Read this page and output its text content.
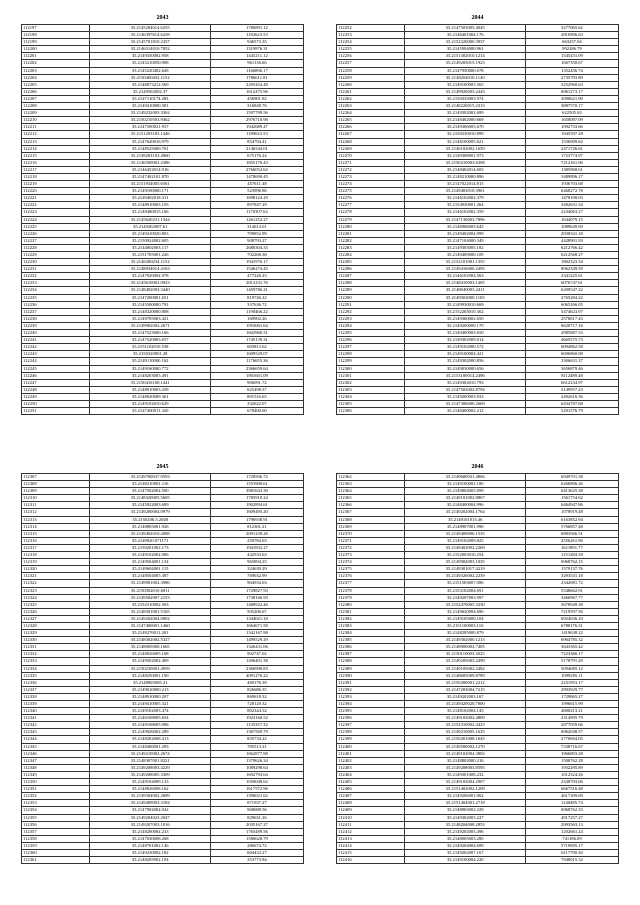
2043
112197	35.2145204014.6255	1786891.12
112198	35.2146397614.6258	1182623.53
112199	35.2145701810.2357	946573.35
112200	35.2146314010.7852	1319876.31
112201	35.2149350002.958	1445211.12
112202	35.2145210050.908	961136.66
112203	35.2145220402.628	1166896.17
112204	35.2150400452.1152	1786611.81
112205	35.2148073212.569	2295454.48
112206	35.2149502002.37	1612475.96
112207	35.2147110174.283	456901.82
112208	35.2149410000.581	316848.76
112209	35.2149232003.3362	1597799.56
112210	35.2150210503.9362	2976710.98
112211	35.2147500021.957	1942689.47
112212	35.2151203105.1446	1189023.53
112213	35.2147620016.979	854794.41
112214	35.2148525000.701	2146544.01
112215	35.2149203103.4960	675176.24
112216	35.2146500002.2386	1855176.43
112217	35.2146452014.916	2766052.62
112218	35.2147402101.870	1478690.45
112219	35.2151934005.6561	457611.48
112220	35.2149100000.171	523996.86
112221	35.2149402018.311	1698124.29
112222	35.2148910003.105	897847.29
112223	35.2148480015.166	1170307.62
112224	35.2145620231.1344	1261252.27
112225	35.2149202007.61	314614.01
112226	35.2149410020.803	799852.89
112227	35.2150924002.605	908793.27
112228	35.2144002003.117	2680304.33
112229	35.2151705001.226	702268.38
112230	35.2146300234.1152	1941976.17
112231	35.2148934014.4163	1546274.45
112232	35.2147920004.978	477226.23
112233	35.2145610002.0923	2812231.76
112234	35.2148402003.3440	1459786.21
112235	35.2147200001.651	819726.22
112236	35.2145500000.791	337636.72
112237	35.2148320000.808	1190466.22
112238	35.2149705003.421	169902.26
112239	35.2149902002.2671	1953061.64
112240	35.2147523000.166	1602960.31
112241	35.2147520003.657	1745139.31
112242	35.2151102010.538	603813.62
112243	35.2150320001.28	1609529.07
112244	35.2149110000.162	1176655.36
112245	35.2149160000.772	2366659.64
112246	35.2148203005.491	1801601.09
112247	35.2150416100.1441	906091.72
112248	35.2148910003.258	625498.37
112249	35.2148630009.361	801516.65
112250	35.2149102010.629	332622.07
112251	35.2147400011.320	678400.60
2044
112252	35.2147503005.4045	3277065.62
112253	35.2146401004.176	2810906.63
112254	35.2152320000.3937	663257.04
112255	35.2145904000.961	992286.79
112256	35.2151302010.1214	1545431.09
112257	35.2149205015.1923	1667358.67
112258	35.2147950000.678	1352456.74
112259	35.2148204010.1140	2735793.89
112260	35.2149100003.565	3252960.63
112261	35.2149920003.2443	6961273.17
112262	35.2150335003.974	3090621.90
112263	35.2148220015.2313	3887570.17
112264	35.2149302002.699	622505.63
112265	35.2148402000.669	1650087.09
112266	35.2149306005.670	1092733.66
112267	35.2150230010.899	1945597.28
112268	35.2148100005.621	1536909.62
112269	35.2146102002.1659	2471726.61
112270	35.2149308001.973	1723774.97
112271	35.2150210003.6308	7212161.06
112272	35.2148402014.603	1385968.61
112273	35.2148210000.896	5489896.17
112274	35.2147022014.815	1936703.68
112275	35.2149403010.3961	6468272.78
112276	35.2146102002.379	1478100.03
112277	35.2154930001.264	3482631.34
112278	35.2146102002.359	2234063.27
112279	35.2147130003.7896	1044079.15
112280	35.2146906003.643	1089649.69
112281	35.2149402004.999	2938341.18
112282	35.2147104000.349	4428901.93
112283	35.2149303005.182	6212766.42
112284	35.2149409000.109	6212568.27
112285	35.2152101001.1355	1862323.34
112286	35.2149416000.2495	8962339.59
112287	35.2146102004.563	2341225.61
112288	35.2148410003.1405	6076747.61
112289	35.2148040003.2411	6209547.22
112290	35.2149302000.1105	2765284.22
112291	35.2149930010.669	6065266.05
112292	35.2152203010.362	5474623.97
112293	35.2149360002.650	2578617.43
112294	35.2149200009.170	6620717.16
112295	35.2149400003.650	2985887.53
112296	35.2149302009.014	4665575.73
112297	35.2149102000.572	6094862.58
112298	35.2149100004.421	6696860.08
112299	35.2149302000.856	3306631.37
112300	35.2149030000.656	3656879.46
112301	35.2153100014.2496	8112489.48
112302	35.2149302010.793	6612234.97
112303	35.2147502002.8794	3149957.23
112304	35.2149200003.933	2492616.36
112305	35.2147306000.2669	6434787.68
112306	35.2148400002.212	5291576.79
2045
112307	35.2149700037.0593	1728506.72
112308	35.2148210001.116	1553900.61
112309	35.2147502004.500	3981643.30
112310	35.2148320005.5605	1785910.24
112311	35.2145922003.689	1902894.61
112312	35.2149200004.0979	1609495.20
112313	35.2150206.5.2048	1796938.91
112314	35.2148805001.926	812301.21
112315	35.2149402010.2088	2091239.26
112316	35.2149020.071171	259784.63
112317	35.2150201002.173	1941832.27
112318	35.2149102004.906	442933.63
112319	35.2149504001.134	965894.25
112320	35.2149604001.115	324639.29
112321	35.2148504005.387	769632.99
112322	35.2149901002.3986	904934.63
112323	35.2150302010.6011	1729827.93
112324	35.2149502007.2153	1738166.93
112325	35.2152310002.563	1480922.46
112326	35.2148301001.5165	505206.67
112327	35.2149202004.6902	1344021.18
112328	35.2147400001.1460	1664671.58
112329	35.2149276011.201	1342167.98
112330	35.2148302002.5327	1499529.29
112331	35.2148005000.1665	1326431.06
112332	35.2148026005.168	902747.02
112333	35.2149502002.409	1496401.38
112334	35.2150230001.4959	2366998.83
112335	35.2148250001.190	4091276.22
112336	35.2148905005.21	469176.39
112337	35.2149010000.213	826686.35
112338	35.2148910000.207	869618.32
112339	35.2149410005.321	728120.32
112340	35.2149102003.474	802344.52
112341	35.2146108005.654	1923160.52
112342	35.2149108005.908	1135357.32
112343	35.2149026002.289	1367569.79
112344	35.2148202008.413	835734.22
112345	35.2148406001.283	785513.21
112346	35.2149210002.2674	1662877.98
112347	35.2148307001.8221	1379626.34
112348	35.2149208003.4229	1089298.64
112349	35.2149208005.3309	1692793.64
112350	35.2149104009.125	1050049.62
112351	35.2148026008.162	1617572.96
112352	35.2149304002.2689	1396021.62
112353	35.2149409003.3184	871937.27
112354	35.2147902004.942	968688.56
112355	35.2149204023.2047	829631.26
112356	35.2149207003.1016	2035167.27
112357	35.2148200004.233	1765489.56
112358	35.2147030008.268	1586628.79
112359	35.2148701002.146	286674.72
112360	35.2149230002.182	604433.27
112361	35.2148205002.194	353773.84
2046
112362	35.2149600031.4866	6949701.38
112363	35.2149100002.180	6266806.26
112364	35.2149804005.099	6413625.38
112365	35.2149101002.8867	1561754.62
112366	35.2148400004.996	6464947.86
112367	35.2149202004.1764	1078919.48
112368	35.2149101013.46	6163852.94
112369	35.2148907001.990	5766857.48
112370	35.2149409006.1535	6883566.51
112371	35.2149102009.825	2556261.96
112372	35.2149402002.2269	1611891.77
112373	35.2152003010.254	1151284.38
112374	35.2149902003.1035	6968762.15
112375	35.2149301017.4219	1579137.76
112376	35.2149326002.2239	3293531.18
112377	35.2151503007.086	2342081.72
112378	35.2153102004.691	5548662.91
112379	35.2149207003.997	3466967.77
112380	35.2152470005.3230	5678949.38
112381	35.2149620004.690	7219597.56
112382	35.2149105000.104	6924036.10
112383	35.2151100003.116	6788176.31
112384	35.2148205000.879	1419638.22
112385	35.2149302000.1213	6964785.32
112386	35.2148900004.7405	3643365.42
112387	35.2150110003.3025	7223366.17
112388	35.2149205003.2499	5178791.29
112389	35.2149105002.2482	5094685.12
112390	35.2148605009.8789	1099285.11
112391	35.2150200001.2212	2231953.17
112392	35.2147203004.7215	2993929.77
112393	35.2149202003.167	1729865.27
112394	35.2149420020.7000	1996615.99
112395	35.2148102004.145	4800213.21
112396	35.2149102002.4809	2314995.79
112397	35.2152310002.4423	2877059.66
112398	35.2149210005.1635	6962048.57
112399	35.2150201008.1645	2770694.05
112400	35.2149500002.1270	7338716.67
112401	35.2149102004.3802	1966803.28
112402	35.2148802000.216	1500762.28
112403	35.2149208003.8595	1952295.89
112404	35.2149301008.232	1012324.26
112405	35.2149102004.2907	2338703.66
112406	35.2151402002.1209	6667516.48
112407	35.2149206001.062	2617209.69
112408	35.2151404001.2718	1140485.74
112409	35.2148903002.229	6968762.33
112410	35.2149302003.227	4917257.27
112411	35.2148204008.2853	2993563.13
112412	35.2149202003.496	1202661.24
112413	35.2148005003.280	741186.09
112414	35.2149204004.699	5719695.17
112415	35.2149202007.167	6117790.30
112416	35.2149100004.220	7948015.32
